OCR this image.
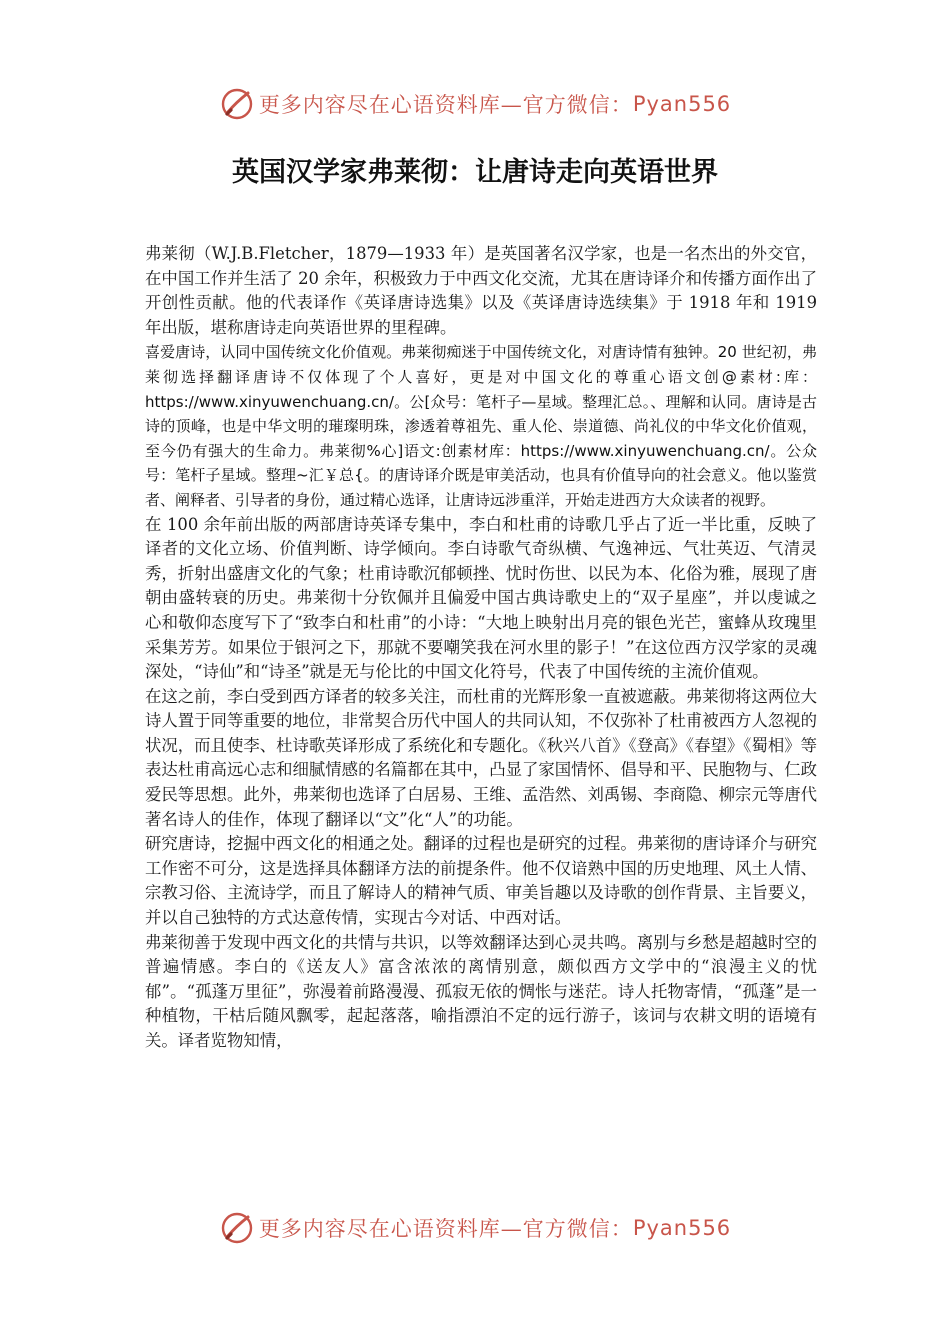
更多内容尽在心语资料库—官方微信： Pyan556
英国汉学家弗莱彻：让唐诗走向英语世界

弗莱彻（W.J.B.Fletcher，1879—1933 年）是英国著名汉学家，也是一名杰出的外交官，在中国工作并生活了 20 余年，积极致力于中西文化交流，尤其在唐诗译介和传播方面作出了开创性贡献。他的代表译作《英译唐诗选集》以及《英译唐诗选续集》于 1918 年和 1919 年出版，堪称唐诗走向英语世界的里程碑。

喜爱唐诗，认同中国传统文化价值观。弗莱彻痴迷于中国传统文化，对唐诗情有独钟。20 世纪初，弗莱彻选择翻译唐诗不仅体现了个人喜好，更是对中国文化的尊重心语文创@素材:库：https://www.xinyuwenchuang.cn/。公[众号：笔杆子—星域。整理汇总。、理解和认同。唐诗是古诗的顶峰，也是中华文明的璀璨明珠，渗透着尊祖先、重人伦、崇道德、尚礼仪的中华文化价值观，至今仍有强大的生命力。弗莱彻%心]语文:创素材库：https://www.xinyuwenchuang.cn/。公众号：笔杆子星域。整理~汇￥总{。的唐诗译介既是审美活动，也具有价值导向的社会意义。他以鉴赏者、阐释者、引导者的身份，通过精心选译，让唐诗远涉重洋，开始走进西方大众读者的视野。

在 100 余年前出版的两部唐诗英译专集中，李白和杜甫的诗歌几乎占了近一半比重，反映了译者的文化立场、价值判断、诗学倾向。李白诗歌气奇纵横、气逸神远、气壮英迈、气清灵秀，折射出盛唐文化的气象；杜甫诗歌沉郁顿挫、忧时伤世、以民为本、化俗为雅，展现了唐朝由盛转衰的历史。弗莱彻十分钦佩并且偏爱中国古典诗歌史上的“双子星座”，并以虔诚之心和敬仰态度写下了“致李白和杜甫”的小诗：“大地上映射出月亮的银色光芒，蜜蜂从玫瑰里采集芳芳。如果位于银河之下，那就不要嘲笑我在河水里的影子！”在这位西方汉学家的灵魂深处，“诗仙”和“诗圣”就是无与伦比的中国文化符号，代表了中国传统的主流价值观。

在这之前，李白受到西方译者的较多关注，而杜甫的光辉形象一直被遮蔽。弗莱彻将这两位大诗人置于同等重要的地位，非常契合历代中国人的共同认知，不仅弥补了杜甫被西方人忽视的状况，而且使李、杜诗歌英译形成了系统化和专题化。《秋兴八首》《登高》《春望》《蜀相》等表达杜甫高远心志和细腻情感的名篇都在其中，凸显了家国情怀、倡导和平、民胞物与、仁政爱民等思想。此外，弗莱彻也选译了白居易、王维、孟浩然、刘禹锡、李商隐、柳宗元等唐代著名诗人的佳作，体现了翻译以“文”化“人”的功能。

研究唐诗，挖掘中西文化的相通之处。翻译的过程也是研究的过程。弗莱彻的唐诗译介与研究工作密不可分，这是选择具体翻译方法的前提条件。他不仅谙熟中国的历史地理、风土人情、宗教习俗、主流诗学，而且了解诗人的精神气质、审美旨趣以及诗歌的创作背景、主旨要义，并以自己独特的方式达意传情，实现古今对话、中西对话。

弗莱彻善于发现中西文化的共情与共识，以等效翻译达到心灵共鸣。离别与乡愁是超越时空的普遍情感。李白的《送友人》富含浓浓的离情别意，颇似西方文学中的“浪漫主义的忧郁”。“孤蓬万里征”，弥漫着前路漫漫、孤寂无依的惆怅与迷茫。诗人托物寄情，“孤蓬”是一种植物，干枯后随风飘零，起起落落，喻指漂泊不定的远行游子，该词与农耕文明的语境有关。译者览物知情，

更多内容尽在心语资料库—官方微信： Pyan556
